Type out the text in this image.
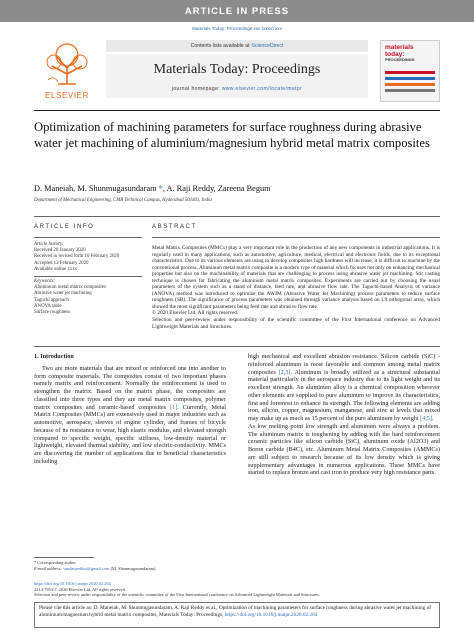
ARTICLE IN PRESS
Materials Today: Proceedings xxx (xxxx) xxx
ELSEVIER
Contents lists available at ScienceDirect
Materials Today: Proceedings
journal homepage: www.elsevier.com/locate/matpr
materials
today:
PROCEEDINGS
Optimization of machining parameters for surface roughness during abrasive water jet machining of aluminium/magnesium hybrid metal matrix composites
D. Maneiah, M. Shunmugasundaram *, A. Raji Reddy, Zareena Begum
Department of Mechanical Engineering, CMR Technical Campus, Hyderabad 501401, India
ARTICLE INFO	ABSTRACT
Article history:
Received 20 January 2020
Received in revised form 10 February 2020
Accepted 12 February 2020
Available online xxxx
Keywords:
Aluminium metal matrix composites
Abrasive water jet machining
Taguchi approach
ANOVA table
Surface roughness

Metal Matrix Composites (MMCs) play a very important role in the production of any new components in industrial applications. It is regularly used in many applications, such as automotive, agriculture, medical, electrical and electronic fields, due to its exceptional characteristics. Due to its various elements are using to develop composites high hardness will increase, it is difficult to machine by the conventional process. Aluminum metal matrix composite is a modern type of material which focuses not only on enhancing mechanical properties but also on the machinability of materials that are challenging to process using abrasive water jet machining. Stir casting technique is chosen for fabricating the aluminum metal matrix composites. Experiments are carried out by choosing the usual parameters of the system such as a stand of distance, feed rate, and abrasive flow rate. The Taguchi-based Analysis of variance (ANOVA) method was introduced to optimize the AWJM (Abrasive Water Jet Machining) process parameters to reduce surface roughness (SR). The significance of process parameters was obtained through variance analysis based on L9 orthogonal array, which showed the most significant parameters being feed rate and abrasive flow rate.

© 2020 Elsevier Ltd. All rights reserved.

Selection and peer-review under responsibility of the scientific committee of the First International conference on Advanced Lightweight Materials and Structures.

1. Introduction
Two are more materials that are mixed or reinforced one into another to form composite materials. The composites consist of two important phases namely matrix and reinforcement. Normally the reinforcement is used to strengthen the matrix. Based on the matrix phase, the composites are classified into three types and they are metal matrix composites, polymer matrix composites and ceramic-based composites [1]. Currently, Metal Matrix Composites (MMCs) are extensively used in major industries such as automotive, aerospace, sleeves of engine cylinder, and frames of bicycle because of its resistance to wear, high elastic modulus, and elevated strength compared to specific weight, specific stiffness, low-density material or lightweight, elevated thermal stability, and low electric-conductivity. MMCs are discovering the number of applications due to beneficial characteristics including
high mechanical and excellent abrasion resistance. Silicon carbide (SiC) - reinforced aluminum is most favorable and common among metal matrix composites [2,3]. Aluminum is broadly utilized as a structural substantial material particularly in the aerospace industry due to its light weight and its excellent strength. An aluminum alloy is a chemical composition wherever other elements are supplied to pure aluminum to improve its characteristics, first and foremost to enhance its strength. The following elements are adding iron, silicon, copper, magnesium, manganese, and zinc at levels that mixed may make up as much as 15 percent of the pure aluminum by weight [4,5].
As low melting point low strength and aluminum were always a problem. The aluminum matrix is toughening by adding with the hard reinforcement ceramic particles like silicon carbide (SiC), aluminum oxide (Al2O3) and Boron carbide (B4C), etc. Aluminum Metal Matrix Composites (AMMCs) are still subject to research because of its low density which is giving supplementary advantages in numerous applications. These MMCs have started to replace bronze and cast iron to produce very high resistance parts.
* Corresponding author.
E-mail address: sundarjeeltho@gmail.com (M. Shunmugasundaram).
https://doi.org/10.1016/j.matpr.2020.02.264
2214-7853/© 2020 Elsevier Ltd. All rights reserved.
Selection and peer-review under responsibility of the scientific committee of the First International conference on Advanced Lightweight Materials and Structures.
Please cite this article as: D. Maneiah, M. Shunmugasundaram, A. Raji Reddy et al., Optimization of machining parameters for surface roughness during abrasive water jet machining of aluminium/magnesium hybrid metal matrix composites, Materials Today: Proceedings, https://doi.org/10.1016/j.matpr.2020.02.264
